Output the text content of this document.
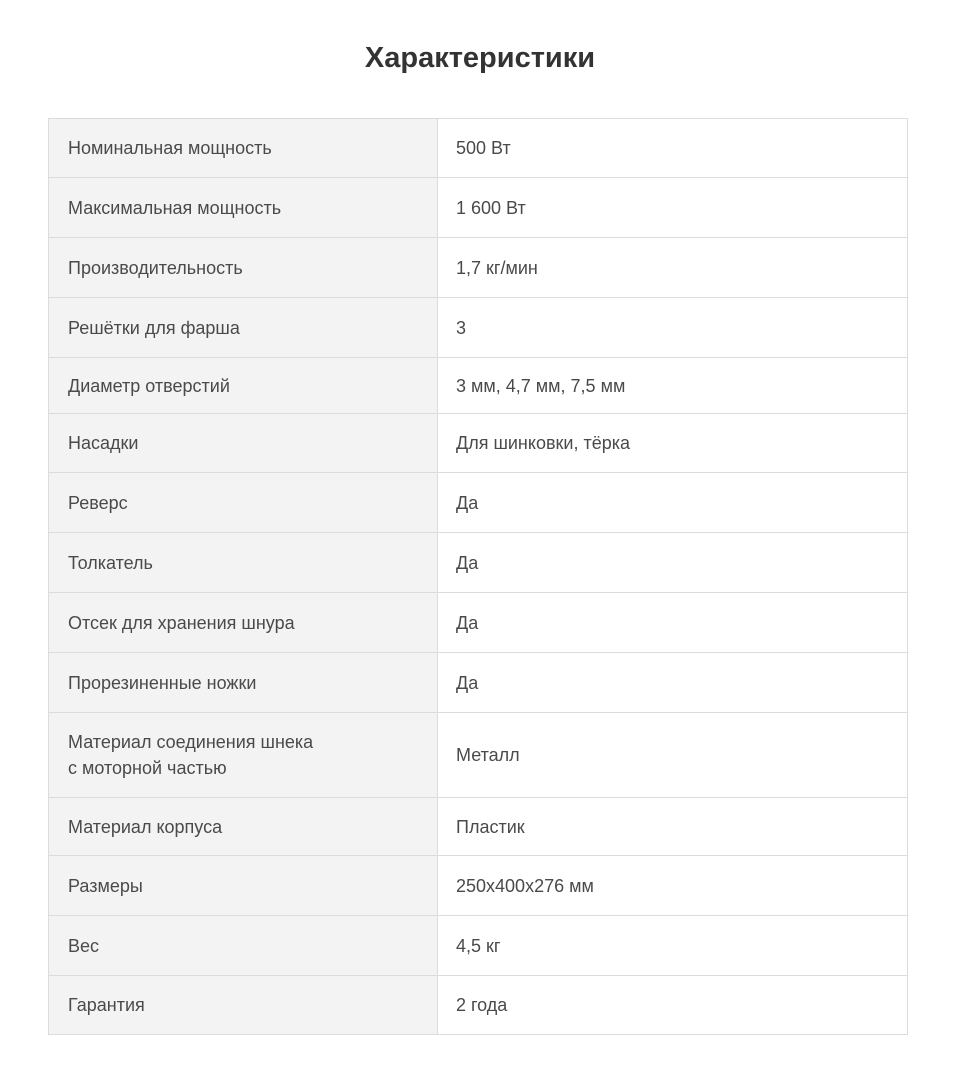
Характеристики
Номинальная мощность	500 Вт
Максимальная мощность	1 600 Вт
Производительность	1,7 кг/мин
Решётки для фарша	3
Диаметр отверстий	3 мм, 4,7 мм, 7,5 мм
Насадки	Для шинковки, тёрка
Реверс	Да
Толкатель	Да
Отсек для хранения шнура	Да
Прорезиненные ножки	Да
Материал соединения шнека
с моторной частью	Металл
Материал корпуса	Пластик
Размеры	250x400x276 мм
Вес	4,5 кг
Гарантия	2 года
